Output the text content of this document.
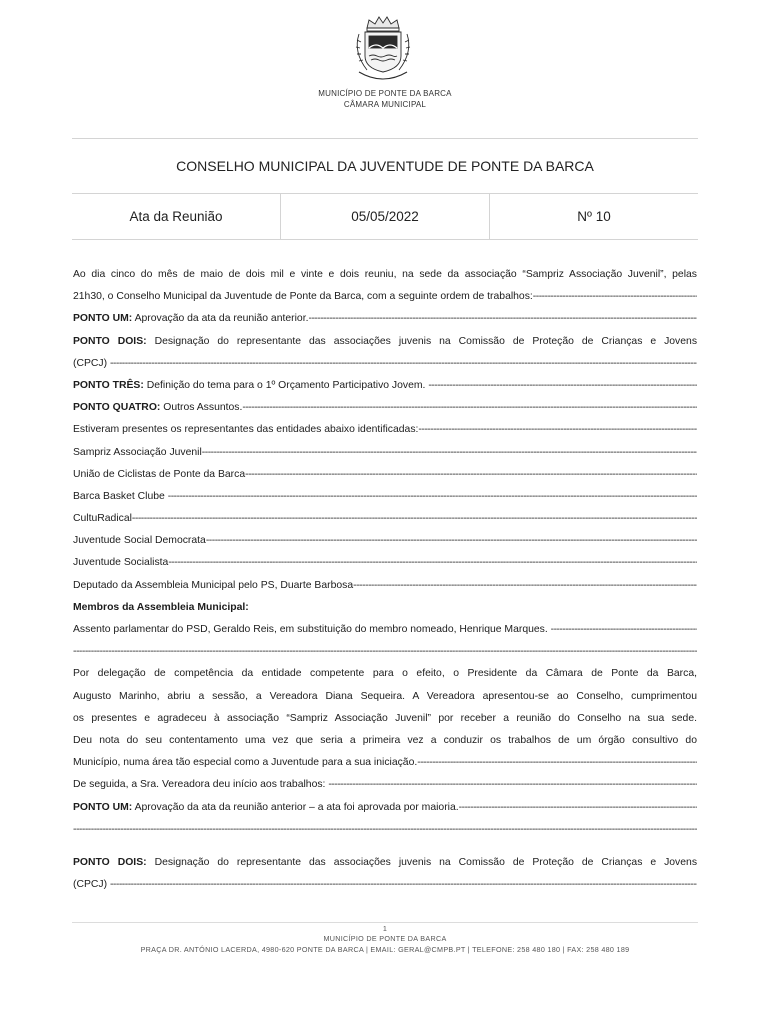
MUNICÍPIO DE PONTE DA BARCA
CÂMARA MUNICIPAL
CONSELHO MUNICIPAL DA JUVENTUDE DE PONTE DA BARCA
Ata da Reunião	05/05/2022	Nº 10
Ao dia cinco do mês de maio de dois mil e vinte e dois reuniu, na sede da associação “Sampriz Associação Juvenil”, pelas
21h30, o Conselho Municipal da Juventude de Ponte da Barca, com a seguinte ordem de trabalhos: -----
PONTO UM: Aprovação da ata da reunião anterior. -----
PONTO DOIS: Designação do representante das associações juvenis na Comissão de Proteção de Crianças e Jovens
(CPCJ) -----
PONTO TRÊS: Definição do tema para o 1º Orçamento Participativo Jovem. -----
PONTO QUATRO: Outros Assuntos. -----
Estiveram presentes os representantes das entidades abaixo identificadas: -----
Sampriz Associação Juvenil -----
União de Ciclistas de Ponte da Barca -----
Barca Basket Clube -----
CultuRadical -----
Juventude Social Democrata -----
Juventude Socialista -----
Deputado da Assembleia Municipal pelo PS, Duarte Barbosa -----
Membros da Assembleia Municipal:
Assento parlamentar do PSD, Geraldo Reis, em substituição do membro nomeado, Henrique Marques. -----
-----
Por delegação de competência da entidade competente para o efeito, o Presidente da Câmara de Ponte da Barca,
Augusto Marinho, abriu a sessão, a Vereadora Diana Sequeira. A Vereadora apresentou-se ao Conselho, cumprimentou
os presentes e agradeceu à associação “Sampriz Associação Juvenil” por receber a reunião do Conselho na sua sede.
Deu nota do seu contentamento uma vez que seria a primeira vez a conduzir os trabalhos de um órgão consultivo do
Município, numa área tão especial como a Juventude para a sua iniciação. -----
De seguida, a Sra. Vereadora deu início aos trabalhos: -----
PONTO UM: Aprovação da ata da reunião anterior – a ata foi aprovada por maioria. -----
-----
PONTO DOIS: Designação do representante das associações juvenis na Comissão de Proteção de Crianças e Jovens
(CPCJ) -----
1
MUNICÍPIO DE PONTE DA BARCA
PRAÇA DR. ANTÓNIO LACERDA, 4980-620 PONTE DA BARCA | EMAIL: GERAL@CMPB.PT | TELEFONE: 258 480 180 | FAX: 258 480 189
